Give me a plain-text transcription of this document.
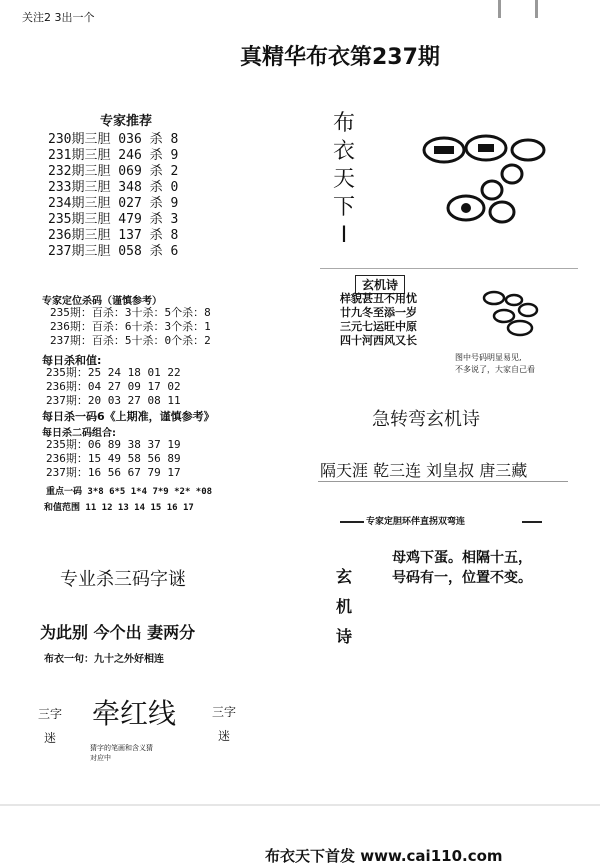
关注2 3出一个
真精华布衣第237期
专家推荐
230期三胆 036 杀 8
231期三胆 246 杀 9
232期三胆 069 杀 2
233期三胆 348 杀 0
234期三胆 027 杀 9
235期三胆 479 杀 3
236期三胆 137 杀 8
237期三胆 058 杀 6
专家定位杀码（谨慎参考）
235期：百杀：3十杀：5个杀：8
236期：百杀：6十杀：3个杀：1
237期：百杀：5十杀：0个杀：2
每日杀和值:
235期：25 24 18 01 22
236期：04 27 09 17 02
237期：20 03 27 08 11
每日杀一码6《上期准，谨慎参考》
每日杀二码组合:
235期：06 89 38 37 19
236期：15 49 58 56 89
237期：16 56 67 79 17
重点一码 3*8 6*5 1*4 7*9 *2* *08
和值范围 11 12 13 14 15 16 17
布
衣
天
下
I
玄机诗
样貌甚丑不用忧
廿九冬至添一岁
三元七运旺中原
四十河西风又长
图中号码明显易见,
不多说了，大家自己看
急转弯玄机诗
隔天涯 乾三连 刘皇叔 唐三藏
专家定胆环伴直拐双弯连
玄
机
诗
母鸡下蛋。相隔十五，
号码有一，位置不变。
专业杀三码字谜
为此别 今个出 妻两分
布衣一句：九十之外好相连
三字
迷
牵红线
猜字的笔画和含义猜
对应中
三字
迷
布衣天下首发 www.cai110.com
